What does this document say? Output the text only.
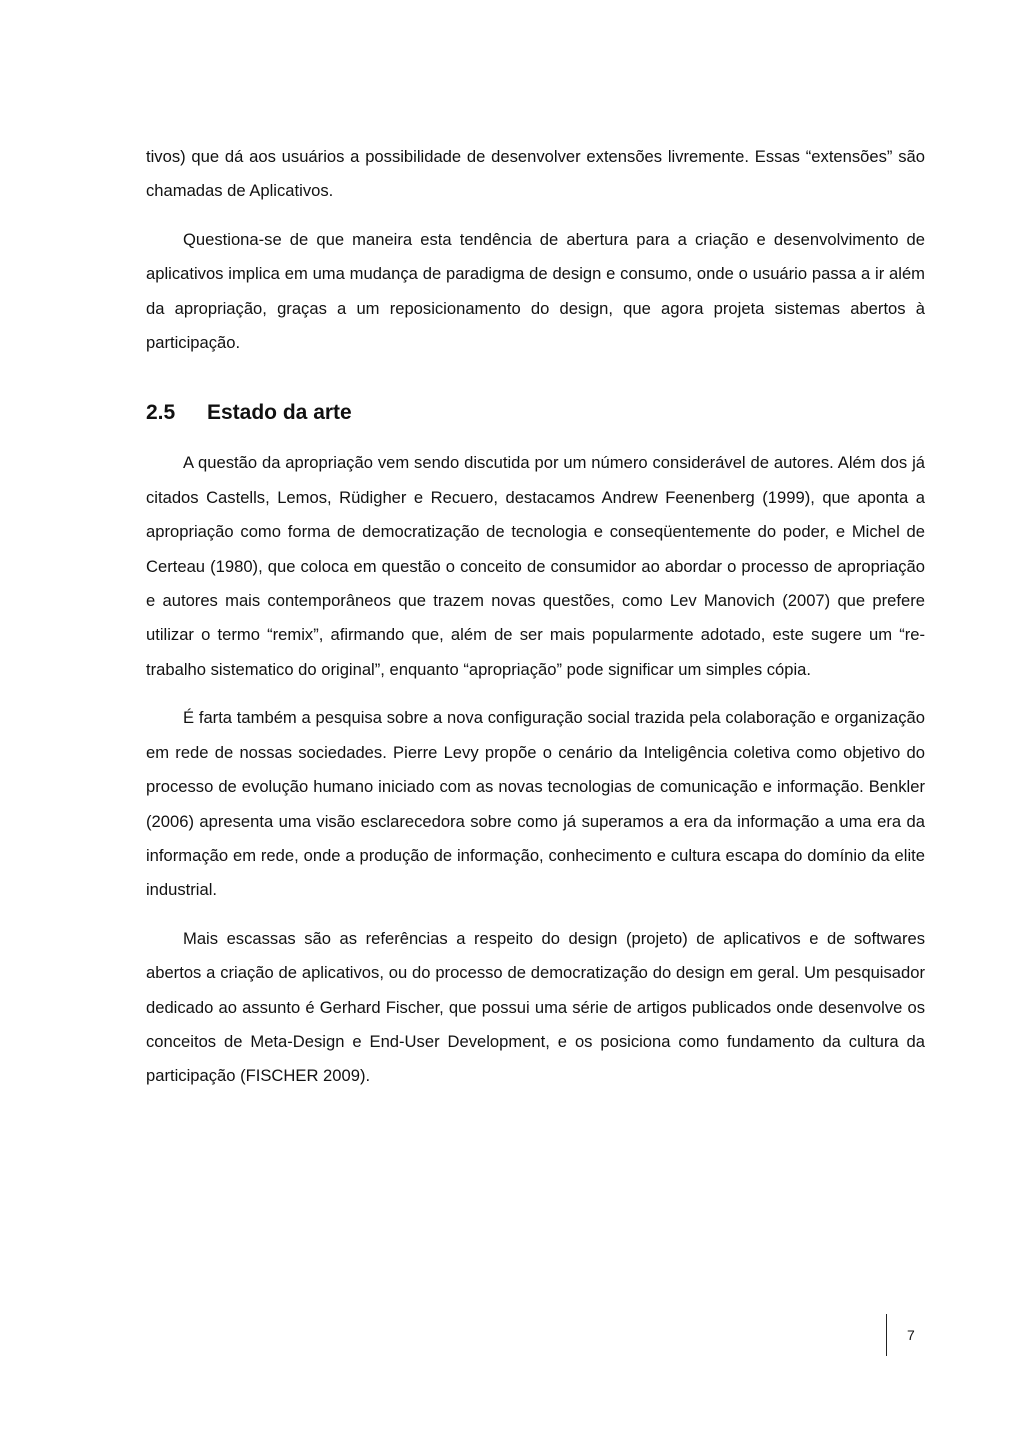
tivos) que dá aos usuários a possibilidade de desenvolver extensões livremente. Essas “extensões” são chamadas de Aplicativos.

Questiona-se de que maneira esta tendência de abertura para a criação e desenvolvimento de aplicativos implica em uma mudança de paradigma de design e consumo, onde o usuário passa a ir além da apropriação, graças a um reposicionamento do design, que agora projeta sistemas abertos à participação.

2.5	Estado da arte

A questão da apropriação vem sendo discutida por um número considerável de autores. Além dos já citados Castells, Lemos, Rüdigher e Recuero, destacamos Andrew Feenenberg (1999), que aponta a apropriação como forma de democratização de tecnologia e conseqüentemente do poder, e Michel de Certeau (1980), que coloca em questão o conceito de consumidor ao abordar o processo de apropriação e autores mais contemporâneos que trazem novas questões, como Lev Manovich (2007) que prefere utilizar o termo “remix”, afirmando que, além de ser mais popularmente adotado, este sugere um “re-trabalho sistematico do original”, enquanto “apropriação” pode significar um simples cópia.

É farta também a pesquisa sobre a nova configuração social trazida pela colaboração e organização em rede de nossas sociedades. Pierre Levy propõe o cenário da Inteligência coletiva como objetivo do processo de evolução humano iniciado com as novas tecnologias de comunicação e informação. Benkler (2006) apresenta uma visão esclarecedora sobre como já superamos a era da informação a uma era da informação em rede, onde a produção de informação, conhecimento e cultura escapa do domínio da elite industrial.

Mais escassas são as referências a respeito do design (projeto) de aplicativos e de softwares abertos a criação de aplicativos, ou do processo de democratização do design em geral. Um pesquisador dedicado ao assunto é Gerhard Fischer, que possui uma série de artigos publicados onde desenvolve os conceitos de Meta-Design e End-User Development, e os posiciona como fundamento da cultura da participação (FISCHER 2009).

7
